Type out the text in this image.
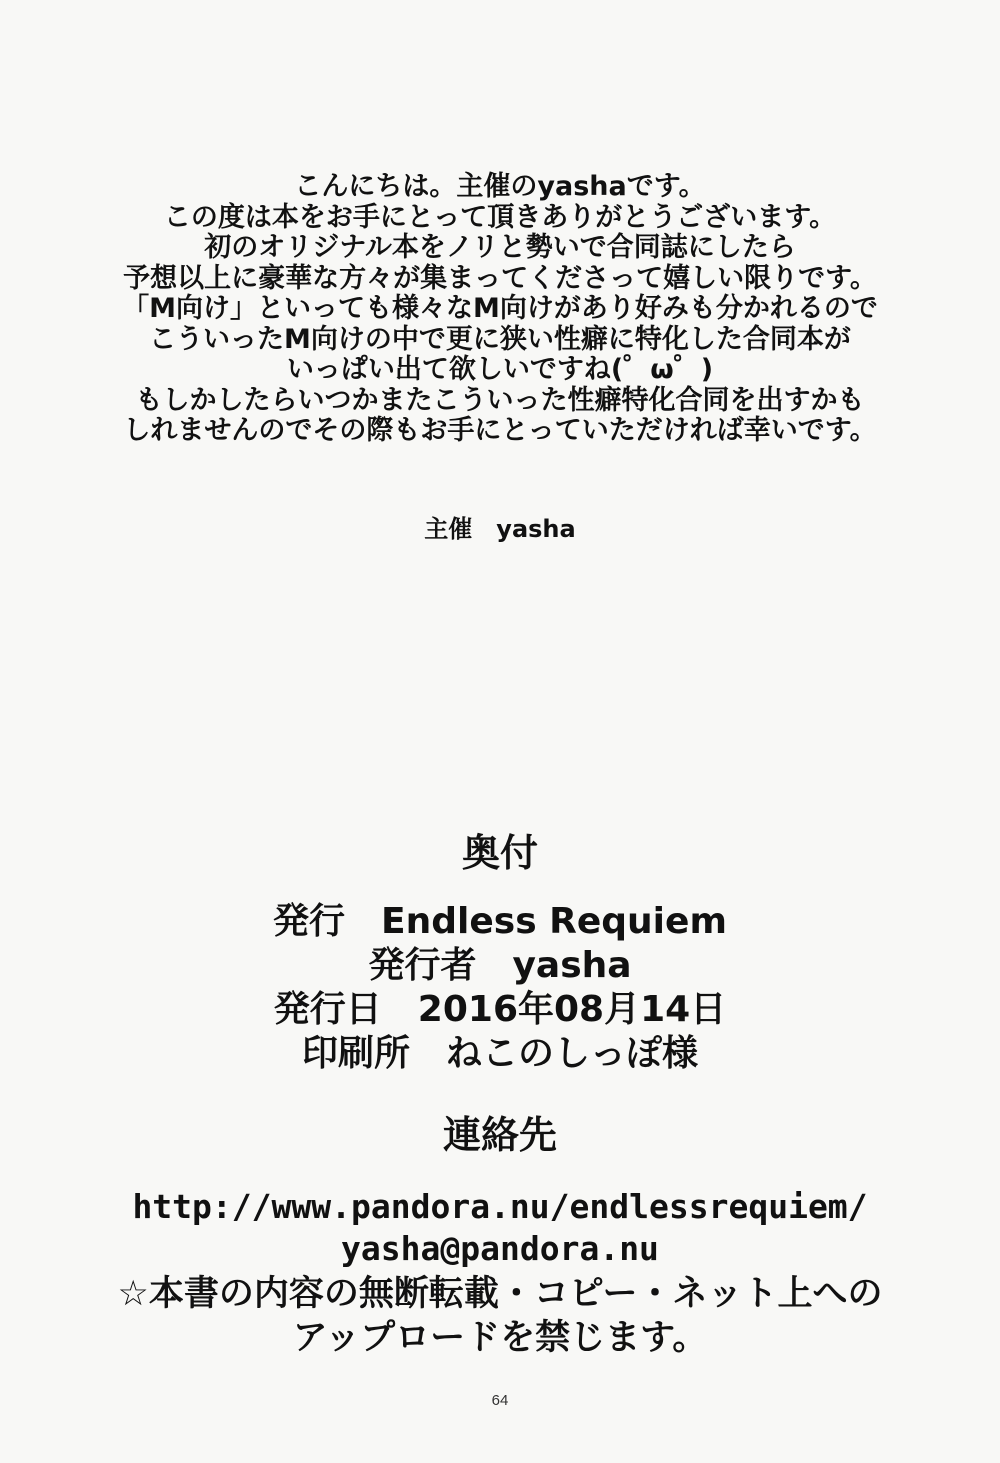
こんにちは。主催のyashaです。
この度は本をお手にとって頂きありがとうございます。
初のオリジナル本をノリと勢いで合同誌にしたら
予想以上に豪華な方々が集まってくださって嬉しい限りです。
「M向け」といっても様々なM向けがあり好みも分かれるので
こういったM向けの中で更に狭い性癖に特化した合同本が
いっぱい出て欲しいですね(゜ω゜)
もしかしたらいつかまたこういった性癖特化合同を出すかも
しれませんのでその際もお手にとっていただければ幸いです。
主催　yasha
奥付
発行　Endless Requiem
発行者　yasha
発行日　2016年08月14日
印刷所　ねこのしっぽ様
連絡先
http://www.pandora.nu/endlessrequiem/
yasha@pandora.nu
☆本書の内容の無断転載・コピー・ネット上への
アップロードを禁じます。
64
